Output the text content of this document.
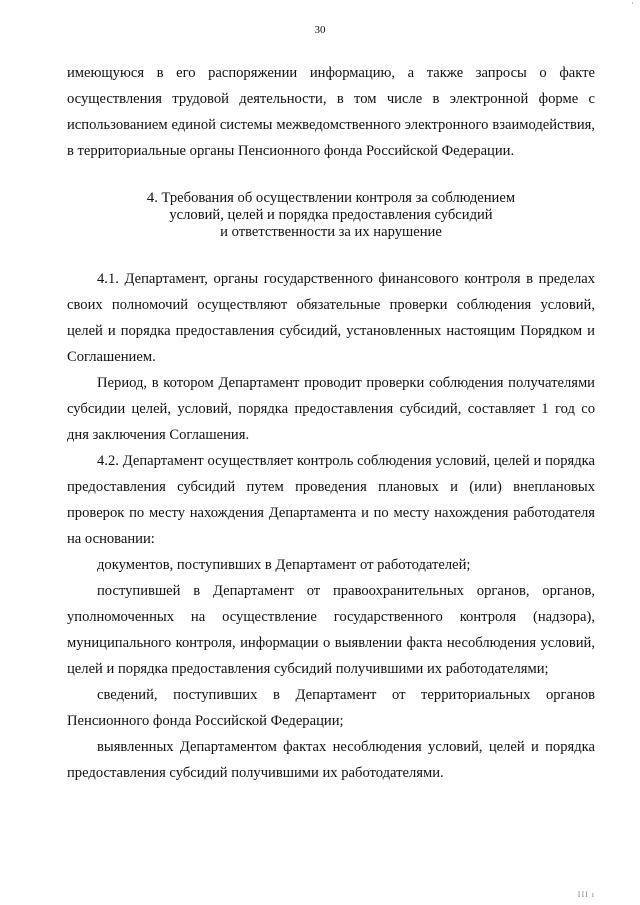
30
·

имеющуюся в его распоряжении информацию, а также запросы о факте осуществления трудовой деятельности, в том числе в электронной форме с использованием единой системы межведомственного электронного взаимодействия, в территориальные органы Пенсионного фонда Российской Федерации.

4. Требования об осуществлении контроля за соблюдением
условий, целей и порядка предоставления субсидий
и ответственности за их нарушение

4.1. Департамент, органы государственного финансового контроля в пределах своих полномочий осуществляют обязательные проверки соблюдения условий, целей и порядка предоставления субсидий, установленных настоящим Порядком и Соглашением.

Период, в котором Департамент проводит проверки соблюдения получателями субсидии целей, условий, порядка предоставления субсидий, составляет 1 год со дня заключения Соглашения.

4.2. Департамент осуществляет контроль соблюдения условий, целей и порядка предоставления субсидий путем проведения плановых и (или) внеплановых проверок по месту нахождения Департамента и по месту нахождения работодателя на основании:

документов, поступивших в Департамент от работодателей;

поступившей в Департамент от правоохранительных органов, органов, уполномоченных на осуществление государственного контроля (надзора), муниципального контроля, информации о выявлении факта несоблюдения условий, целей и порядка предоставления субсидий получившими их работодателями;

сведений, поступивших в Департамент от территориальных органов Пенсионного фонда Российской Федерации;

выявленных Департаментом фактах несоблюдения условий, целей и порядка предоставления субсидий получившими их работодателями.

III ı
